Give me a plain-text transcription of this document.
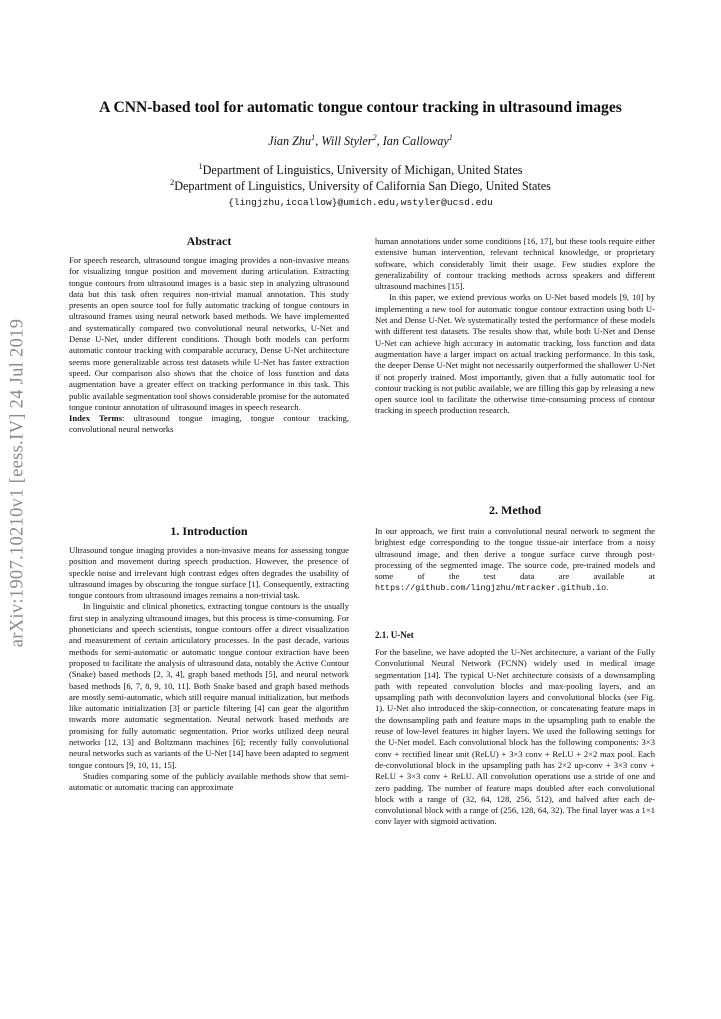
arXiv:1907.10210v1 [eess.IV] 24 Jul 2019
A CNN-based tool for automatic tongue contour tracking in ultrasound images
Jian Zhu$^1$, Will Styler$^2$, Ian Calloway$^1$
$^1$Department of Linguistics, University of Michigan, United States
$^2$Department of Linguistics, University of California San Diego, United States
{lingjzhu,iccallow}@umich.edu,wstyler@ucsd.edu
Abstract

For speech research, ultrasound tongue imaging provides a non-invasive means for visualizing tongue position and movement during articulation. Extracting tongue contours from ultrasound images is a basic step in analyzing ultrasound data but this task often requires non-trivial manual annotation. This study presents an open source tool for fully automatic tracking of tongue contours in ultrasound frames using neural network based methods. We have implemented and systematically compared two convolutional neural networks, U-Net and Dense U-Net, under different conditions. Though both models can perform automatic contour tracking with comparable accuracy, Dense U-Net architecture seems more generalizable across test datasets while U-Net has faster extraction speed. Our comparison also shows that the choice of loss function and data augmentation have a greater effect on tracking performance in this task. This public available segmentation tool shows considerable promise for the automated tongue contour annotation of ultrasound images in speech research.

Index Terms: ultrasound tongue imaging, tongue contour tracking, convolutional neural networks

1. Introduction

Ultrasound tongue imaging provides a non-invasive means for assessing tongue position and movement during speech production. However, the presence of speckle noise and irrelevant high contrast edges often degrades the usability of ultrasound images by obscuring the tongue surface [1]. Consequently, extracting tongue contours from ultrasound images remains a non-trivial task.

In linguistic and clinical phonetics, extracting tongue contours is the usually first step in analyzing ultrasound images, but this process is time-consuming. For phoneticians and speech scientists, tongue contours offer a direct visualization and measurement of certain articulatory processes. In the past decade, various methods for semi-automatic or automatic tongue contour extraction have been proposed to facilitate the analysis of ultrasound data, notably the Active Contour (Snake) based methods [2, 3, 4], graph based methods [5], and neural network based methods [6, 7, 8, 9, 10, 11]. Both Snake based and graph based methods are mostly semi-automatic, which still require manual initialization, but methods like automatic initialization [3] or particle filtering [4] can gear the algorithm towards more automatic segmentation. Neural network based methods are promising for fully automatic segmentation. Prior works utilized deep neural networks [12, 13] and Boltzmann machines [6]; recently fully convolutional neural networks such as variants of the U-Net [14] have been adapted to segment tongue contours [9, 10, 11, 15].

Studies comparing some of the publicly available methods show that semi-automatic or automatic tracing can approximate

human annotations under some conditions [16, 17], but these tools require either extensive human intervention, relevant technical knowledge, or proprietary software, which considerably limit their usage. Few studies explore the generalizability of contour tracking methods across speakers and different ultrasound machines [15].

In this paper, we extend previous works on U-Net based models [9, 10] by implementing a new tool for automatic tongue contour extraction using both U-Net and Dense U-Net. We systematically tested the performance of these models with different test datasets. The results show that, while both U-Net and Dense U-Net can achieve high accuracy in automatic tracking, loss function and data augmentation have a larger impact on actual tracking performance. In this task, the deeper Dense U-Net might not necessarily outperformed the shallower U-Net if not properly trained. Most importantly, given that a fully automatic tool for contour tracking is not public available, we are filling this gap by releasing a new open source tool to facilitate the otherwise time-consuming process of contour tracking in speech production research.

2. Method

In our approach, we first train a convolutional neural network to segment the brightest edge corresponding to the tongue tissue-air interface from a noisy ultrasound image, and then derive a tongue surface curve through post-processing of the segmented image. The source code, pre-trained models and some of the test data are available at https://github.com/lingjzhu/mtracker.github.io.

2.1. U-Net

For the baseline, we have adopted the U-Net architecture, a variant of the Fully Convolutional Neural Network (FCNN) widely used in medical image segmentation [14]. The typical U-Net architecture consists of a downsampling path with repeated convolution blocks and max-pooling layers, and an upsampling path with deconvolution layers and convolutional blocks (see Fig. 1). U-Net also introduced the skip-connection, or concatenating feature maps in the downsampling path and feature maps in the upsampling path to enable the reuse of low-level features in higher layers. We used the following settings for the U-Net model. Each convolutional block has the following components: 3×3 conv + rectified linear unit (ReLU) + 3×3 conv + ReLU + 2×2 max pool. Each de-convolutional block in the upsampling path has 2×2 up-conv + 3×3 conv + ReLU + 3×3 conv + ReLU. All convolution operations use a stride of one and zero padding. The number of feature maps doubled after each convolutional block with a range of (32, 64, 128, 256, 512), and halved after each de-convolutional block with a range of (256, 128, 64, 32). The final layer was a 1×1 conv layer with sigmoid activation.
